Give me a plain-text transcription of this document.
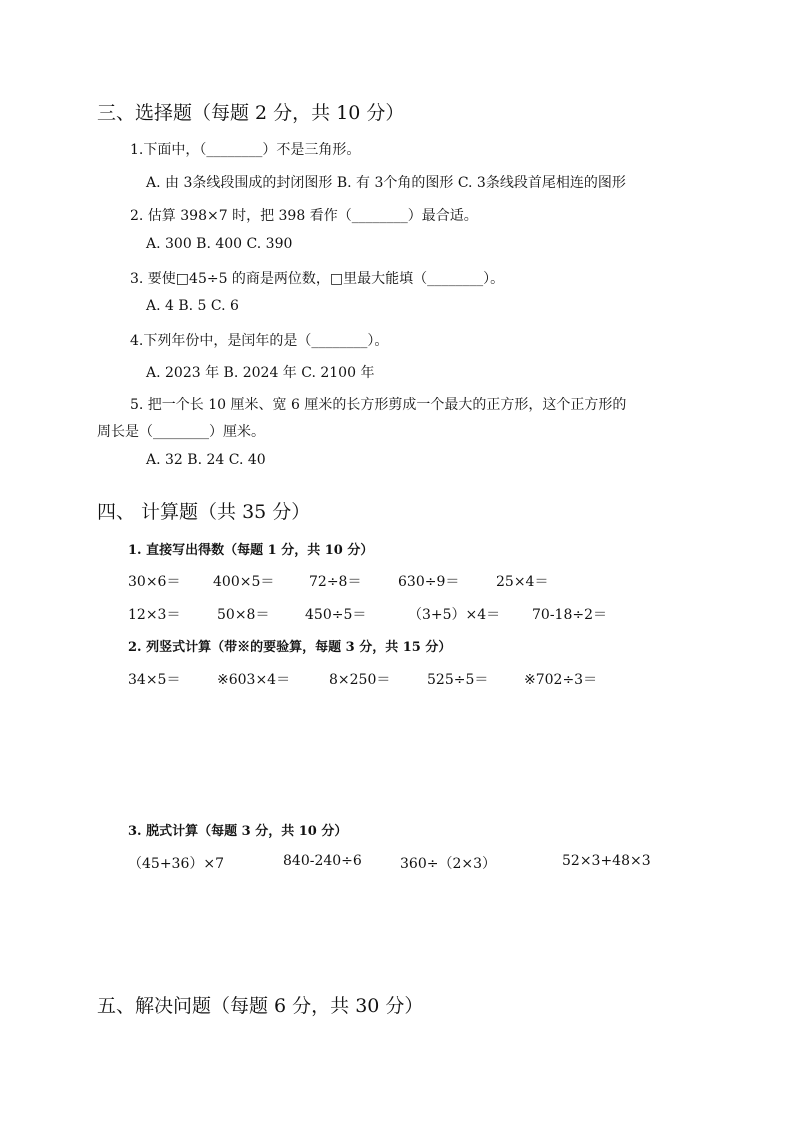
三、选择题（每题 2 分，共 10 分）
1.下面中，（________）不是三角形。
A. 由 3条线段围成的封闭图形 B. 有 3个角的图形 C. 3条线段首尾相连的图形
2. 估算 398×7 时，把 398 看作（________）最合适。
A. 300 B. 400 C. 390
3. 要使□45÷5 的商是两位数，□里最大能填（________）。
A. 4 B. 5 C. 6
4.下列年份中，是闰年的是（________）。
A. 2023 年 B. 2024 年 C. 2100 年
5. 把一个长 10 厘米、宽 6 厘米的长方形剪成一个最大的正方形，这个正方形的
周长是（________）厘米。
A. 32 B. 24 C. 40
四、 计算题（共 35 分）
1. 直接写出得数（每题 1 分，共 10 分）
30×6＝ 400×5＝ 72÷8＝	630÷9＝	25×4＝
12×3＝	50×8＝	450÷5＝	（3+5）×4＝ 70-18÷2＝
2. 列竖式计算（带※的要验算，每题 3 分，共 15 分）
34×5＝	※603×4＝	8×250＝	525÷5＝	※702÷3＝
3. 脱式计算（每题 3 分，共 10 分）
（45+36）×7	840-240÷6	360÷（2×3）	52×3+48×3
五、解决问题（每题 6 分，共 30 分）
